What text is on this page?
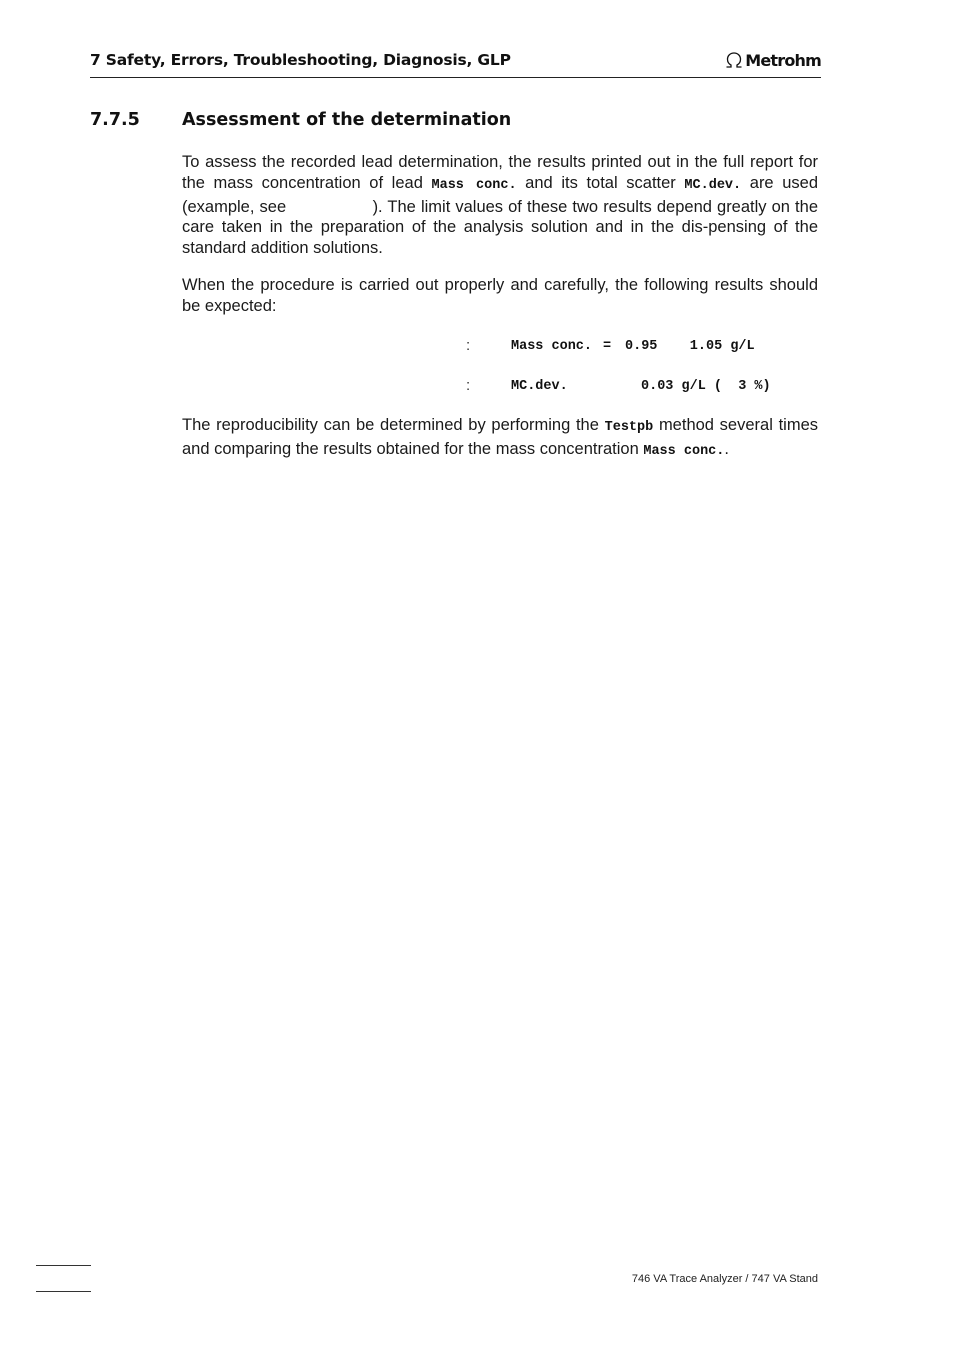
7 Safety, Errors, Troubleshooting, Diagnosis, GLP	Metrohm
7.7.5 Assessment of the determination

To assess the recorded lead determination, the results printed out in the full report for the mass concentration of lead Mass conc. and its total scatter MC.dev. are used (example, see                 ). The limit values of these two results depend greatly on the care taken in the preparation of the analysis solution and in the dis-pensing of the standard addition solutions.

When the procedure is carried out properly and carefully, the following results should be expected:

:	Mass conc. = 0.95    1.05 g/L
:	MC.dev.	0.03 g/L (  3 %)

The reproducibility can be determined by performing the Testpb method several times and comparing the results obtained for the mass concentration Mass conc..

746 VA Trace Analyzer / 747 VA Stand
